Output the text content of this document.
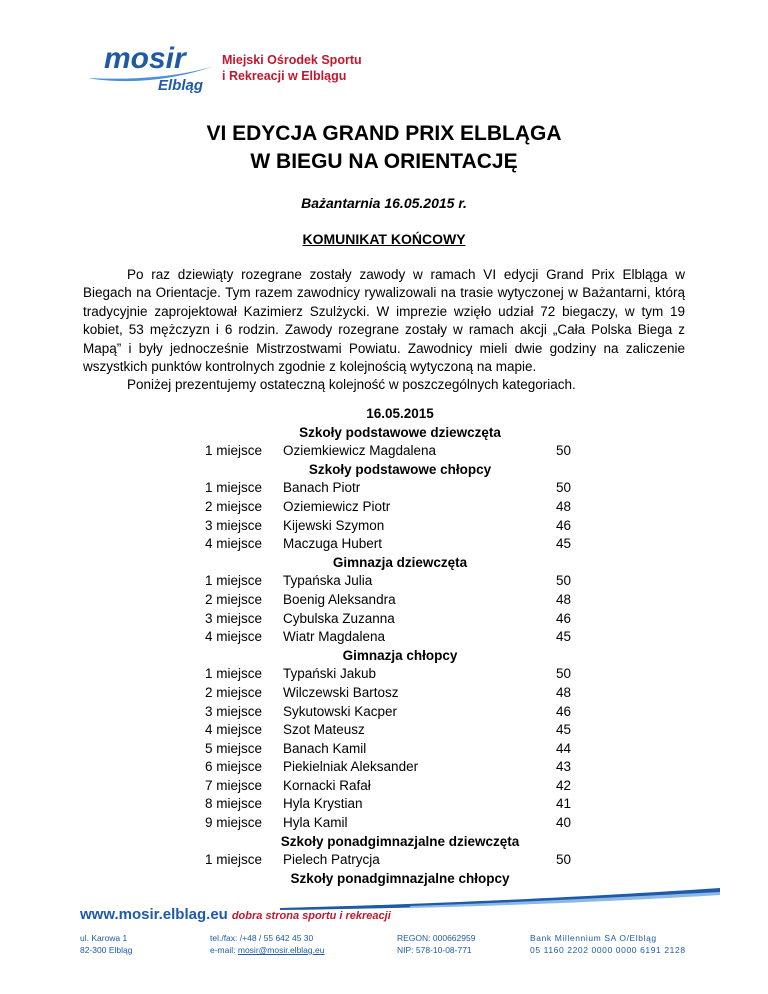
mosir
Elbląg
Miejski Ośrodek Sportu
i Rekreacji w Elblągu
VI EDYCJA GRAND PRIX ELBLĄGA
W BIEGU NA ORIENTACJĘ
Bażantarnia 16.05.2015 r.
KOMUNIKAT KOŃCOWY

Po raz dziewiąty rozegrane zostały zawody w ramach VI edycji Grand Prix Elbląga w Biegach na Orientacje. Tym razem zawodnicy rywalizowali na trasie wytyczonej w Bażantarni, którą tradycyjnie zaprojektował Kazimierz Szulżycki. W imprezie wzięło udział 72 biegaczy, w tym 19 kobiet, 53 mężczyzn i 6 rodzin. Zawody rozegrane zostały w ramach akcji „Cała Polska Biega z Mapą” i były jednocześnie Mistrzostwami Powiatu. Zawodnicy mieli dwie godziny na zaliczenie wszystkich punktów kontrolnych zgodnie z kolejnością wytyczoną na mapie.

Poniżej prezentujemy ostateczną kolejność w poszczególnych kategoriach.

16.05.2015
Szkoły podstawowe dziewczęta
1 miejsce Oziemkiewicz Magdalena	50
Szkoły podstawowe chłopcy
1 miejsce Banach Piotr	50
2 miejsce Oziemiewicz Piotr	48
3 miejsce Kijewski Szymon	46
4 miejsce Maczuga Hubert	45
Gimnazja dziewczęta
1 miejsce Typańska Julia	50
2 miejsce Boenig Aleksandra	48
3 miejsce Cybulska Zuzanna	46
4 miejsce Wiatr Magdalena	45
Gimnazja chłopcy
1 miejsce Typański Jakub	50
2 miejsce Wilczewski Bartosz	48
3 miejsce Sykutowski Kacper	46
4 miejsce Szot Mateusz	45
5 miejsce Banach Kamil	44
6 miejsce Piekielniak Aleksander	43
7 miejsce Kornacki Rafał	42
8 miejsce Hyla Krystian	41
9 miejsce Hyla Kamil	40
Szkoły ponadgimnazjalne dziewczęta
1 miejsce Pielech Patrycja	50
Szkoły ponadgimnazjalne chłopcy
www.mosir.elblag.eu dobra strona sportu i rekreacji
ul. Karowa 1
82-300 Elbląg
tel./fax: /+48 / 55 642 45 30
e-mail: mosir@mosir.elblag.eu
REGON: 000662959
NIP: 578-10-08-771
Bank Millennium SA O/Elbląg
05 1160 2202 0000 0000 6191 2128
